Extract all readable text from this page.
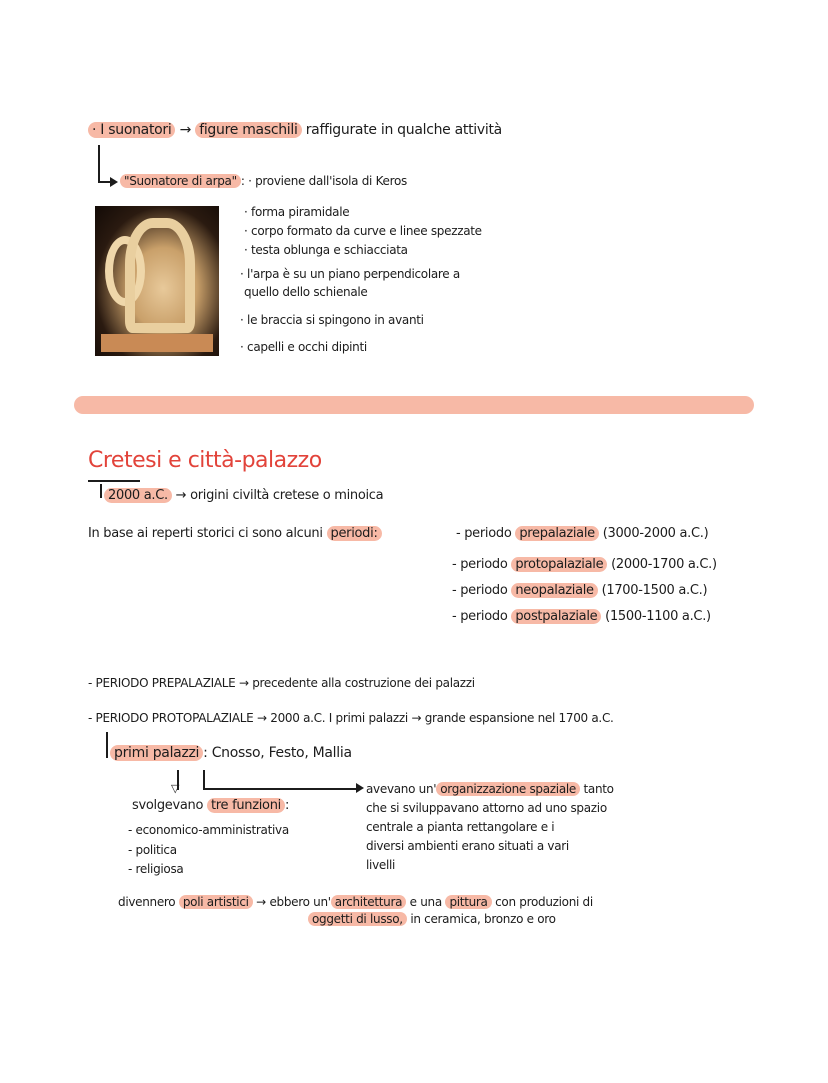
· I suonatori → figure maschili raffigurate in qualche attività
"Suonatore di arpa" : · proviene dall'isola di Keros
· forma piramidale
· corpo formato da curve e linee spezzate
· testa oblunga e schiacciata
· l'arpa è su un piano perpendicolare a
quello dello schienale
· le braccia si spingono in avanti
· capelli e occhi dipinti
Cretesi e città-palazzo
2000 a.C. → origini civiltà cretese o minoica
In base ai reperti storici ci sono alcuni periodi:	- periodo prepalaziale (3000-2000 a.C.)
- periodo protopalaziale (2000-1700 a.C.)
- periodo neopalaziale (1700-1500 a.C.)
- periodo postpalaziale (1500-1100 a.C.)
- PERIODO PREPALAZIALE → precedente alla costruzione dei palazzi
- PERIODO PROTOPALAZIALE → 2000 a.C. I primi palazzi → grande espansione nel 1700 a.C.
primi palazzi : Cnosso, Festo, Mallia
▽
svolgevano tre funzioni :
- economico-amministrativa
- politica
- religiosa
avevano un' organizzazione spaziale tanto
che si sviluppavano attorno ad uno spazio
centrale a pianta rettangolare e i
diversi ambienti erano situati a vari
livelli
divennero poli artistici → ebbero un' architettura e una pittura con produzioni di
oggetti di lusso, in ceramica, bronzo e oro
